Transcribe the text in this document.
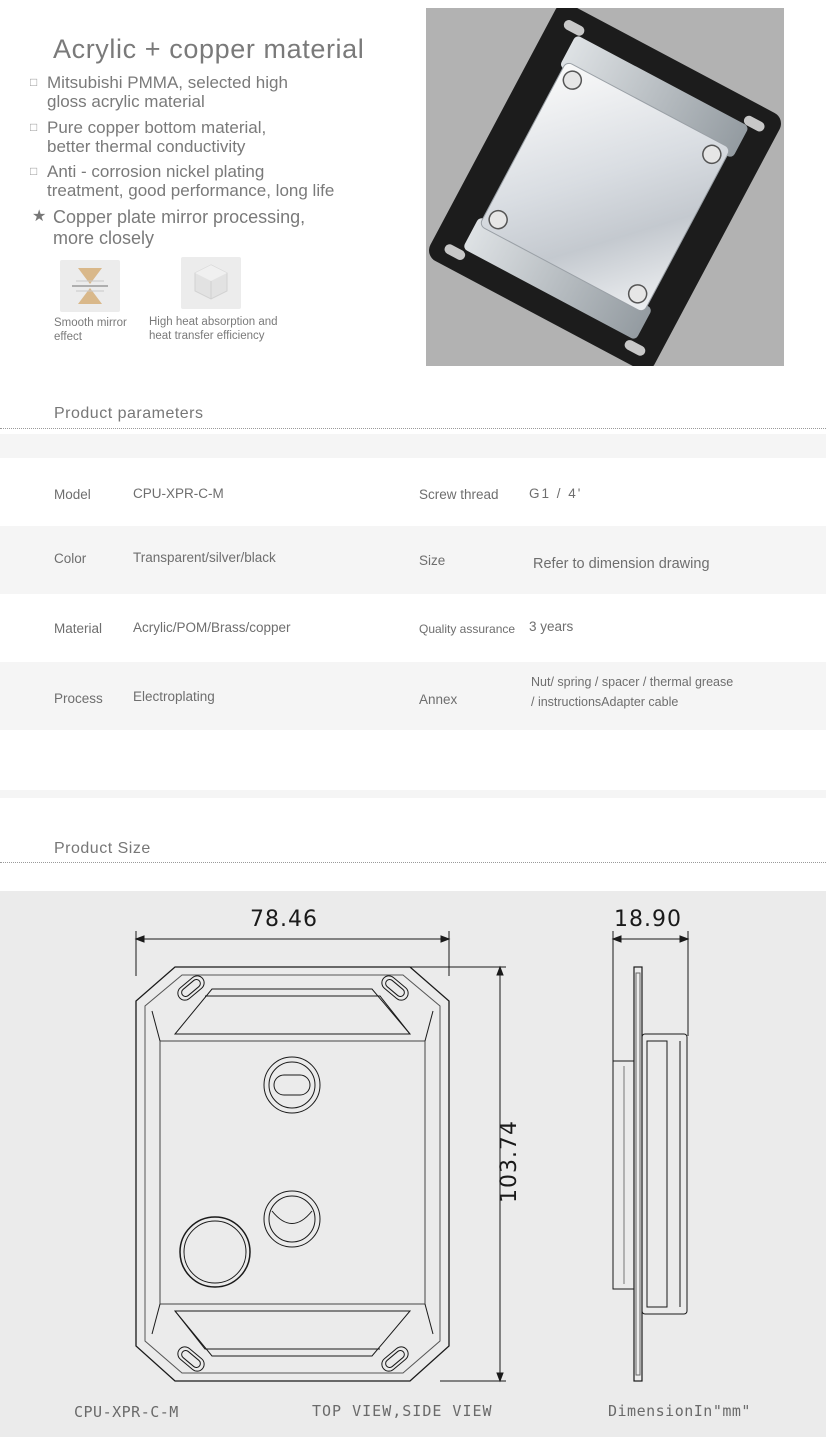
Acrylic + copper material
□ Mitsubishi PMMA, selected high
gloss acrylic material
□ Pure copper bottom material,
better thermal conductivity
□ Anti - corrosion nickel plating
treatment, good performance, long life
★ Copper plate mirror processing,
more closely
Smooth mirror
effect
High heat absorption and
heat transfer efficiency
Product parameters
Model	CPU-XPR-C-M	Screw thread G1 / 4'
Color	Transparent/silver/black	Size	Refer to dimension drawing
Material Acrylic/POM/Brass/copper	Quality assurance 3 years
Process Electroplating	Annex
Nut/ spring / spacer / thermal grease
/ instructionsAdapter cable
Product Size
78.46	18.90
103.74
CPU-XPR-C-M	TOP VIEW,SIDE VIEW	DimensionIn"mm"
